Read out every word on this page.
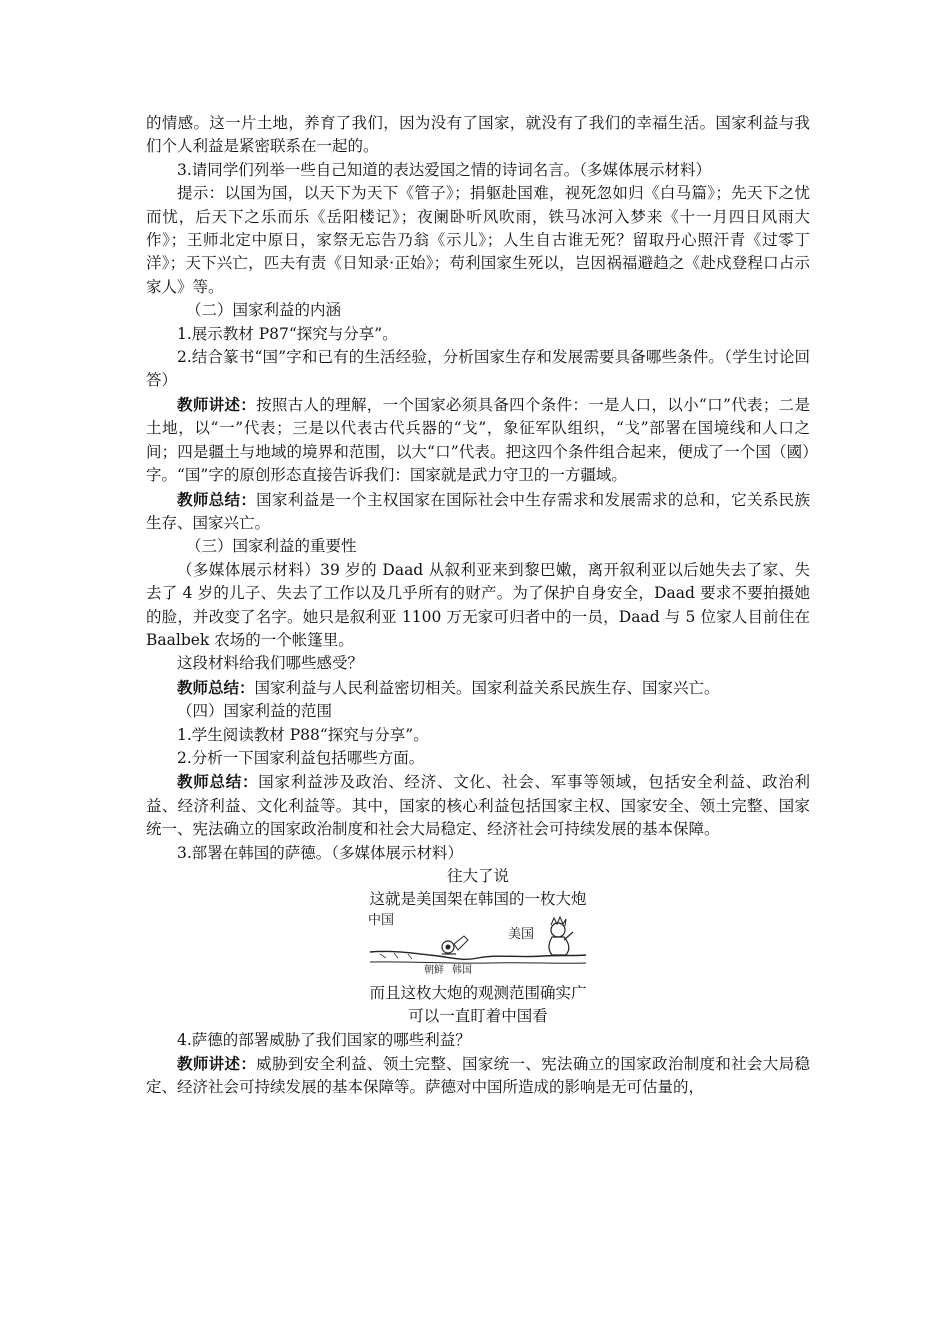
的情感。这一片土地，养育了我们，因为没有了国家，就没有了我们的幸福生活。国家利益与我们个人利益是紧密联系在一起的。

3.请同学们列举一些自己知道的表达爱国之情的诗词名言。（多媒体展示材料）

提示：以国为国，以天下为天下《管子》；捐躯赴国难，视死忽如归《白马篇》；先天下之忧而忧，后天下之乐而乐《岳阳楼记》；夜阑卧听风吹雨，铁马冰河入梦来《十一月四日风雨大作》；王师北定中原日，家祭无忘告乃翁《示儿》；人生自古谁无死？留取丹心照汗青《过零丁洋》；天下兴亡，匹夫有责《日知录·正始》；苟利国家生死以，岂因祸福避趋之《赴戍登程口占示家人》等。

（二）国家利益的内涵

1.展示教材 P87“探究与分享”。

2.结合篆书“国”字和已有的生活经验，分析国家生存和发展需要具备哪些条件。（学生讨论回答）

教师讲述：按照古人的理解，一个国家必须具备四个条件：一是人口，以小“口”代表；二是土地，以“一”代表；三是以代表古代兵器的“戈”，象征军队组织，“戈”部署在国境线和人口之间；四是疆土与地域的境界和范围，以大“口”代表。把这四个条件组合起来，便成了一个国（國）字。“国”字的原创形态直接告诉我们：国家就是武力守卫的一方疆域。

教师总结：国家利益是一个主权国家在国际社会中生存需求和发展需求的总和，它关系民族生存、国家兴亡。

（三）国家利益的重要性

（多媒体展示材料）39 岁的 Daad 从叙利亚来到黎巴嫩，离开叙利亚以后她失去了家、失去了 4 岁的儿子、失去了工作以及几乎所有的财产。为了保护自身安全，Daad 要求不要拍摄她的脸，并改变了名字。她只是叙利亚 1100 万无家可归者中的一员，Daad 与 5 位家人目前住在 Baalbek 农场的一个帐篷里。

这段材料给我们哪些感受？

教师总结：国家利益与人民利益密切相关。国家利益关系民族生存、国家兴亡。

（四）国家利益的范围

1.学生阅读教材 P88“探究与分享”。

2.分析一下国家利益包括哪些方面。

教师总结：国家利益涉及政治、经济、文化、社会、军事等领域，包括安全利益、政治利益、经济利益、文化利益等。其中，国家的核心利益包括国家主权、国家安全、领土完整、国家统一、宪法确立的国家政治制度和社会大局稳定、经济社会可持续发展的基本保障。

3.部署在韩国的萨德。（多媒体展示材料）

往大了说

这就是美国架在韩国的一枚大炮

中国
美国
朝鲜 韩国

而且这枚大炮的观测范围确实广

可以一直盯着中国看

4.萨德的部署威胁了我们国家的哪些利益？

教师讲述：威胁到安全利益、领土完整、国家统一、宪法确立的国家政治制度和社会大局稳定、经济社会可持续发展的基本保障等。萨德对中国所造成的影响是无可估量的，
